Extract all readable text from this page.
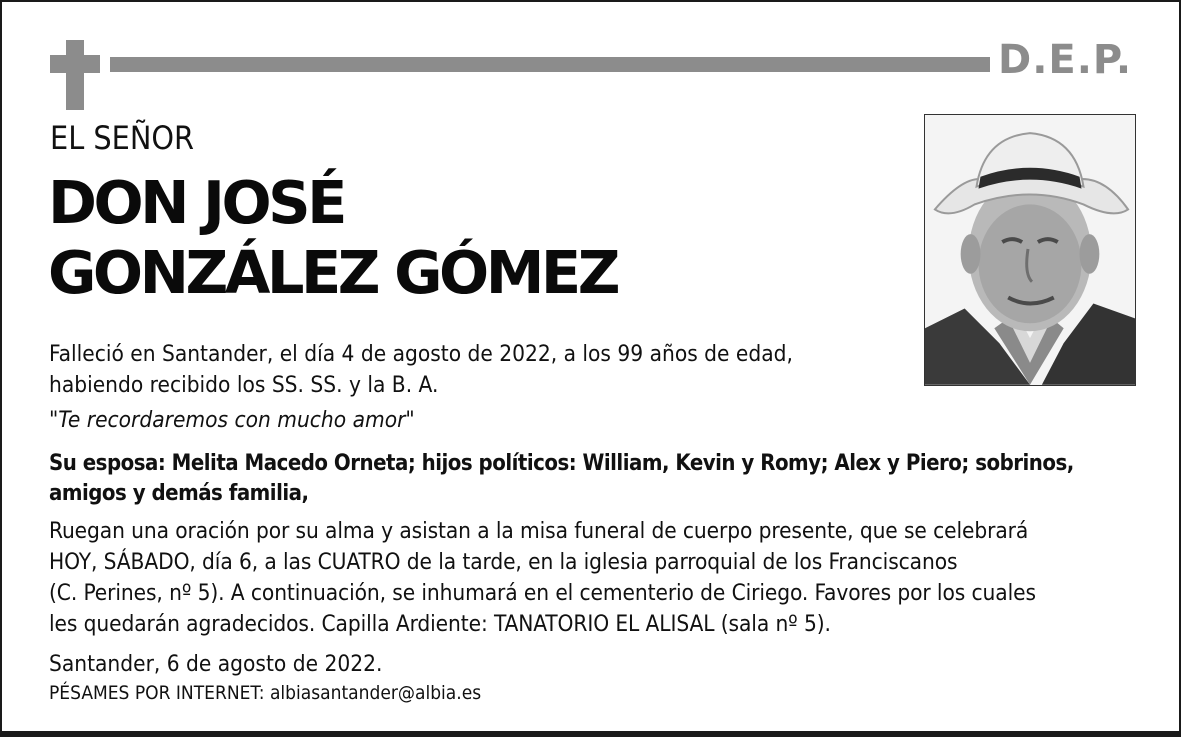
D.E.P.
EL SEÑOR
DON JOSÉ
GONZÁLEZ GÓMEZ
Falleció en Santander, el día 4 de agosto de 2022, a los 99 años de edad,
habiendo recibido los SS. SS. y la B. A.
"Te recordaremos con mucho amor"
Su esposa: Melita Macedo Orneta; hijos políticos: William, Kevin y Romy; Alex y Piero; sobrinos,
amigos y demás familia,
Ruegan una oración por su alma y asistan a la misa funeral de cuerpo presente, que se celebrará
HOY, SÁBADO, día 6, a las CUATRO de la tarde, en la iglesia parroquial de los Franciscanos
(C. Perines, nº 5). A continuación, se inhumará en el cementerio de Ciriego. Favores por los cuales
les quedarán agradecidos. Capilla Ardiente: TANATORIO EL ALISAL (sala nº 5).
Santander, 6 de agosto de 2022.
PÉSAMES POR INTERNET: albiasantander@albia.es
